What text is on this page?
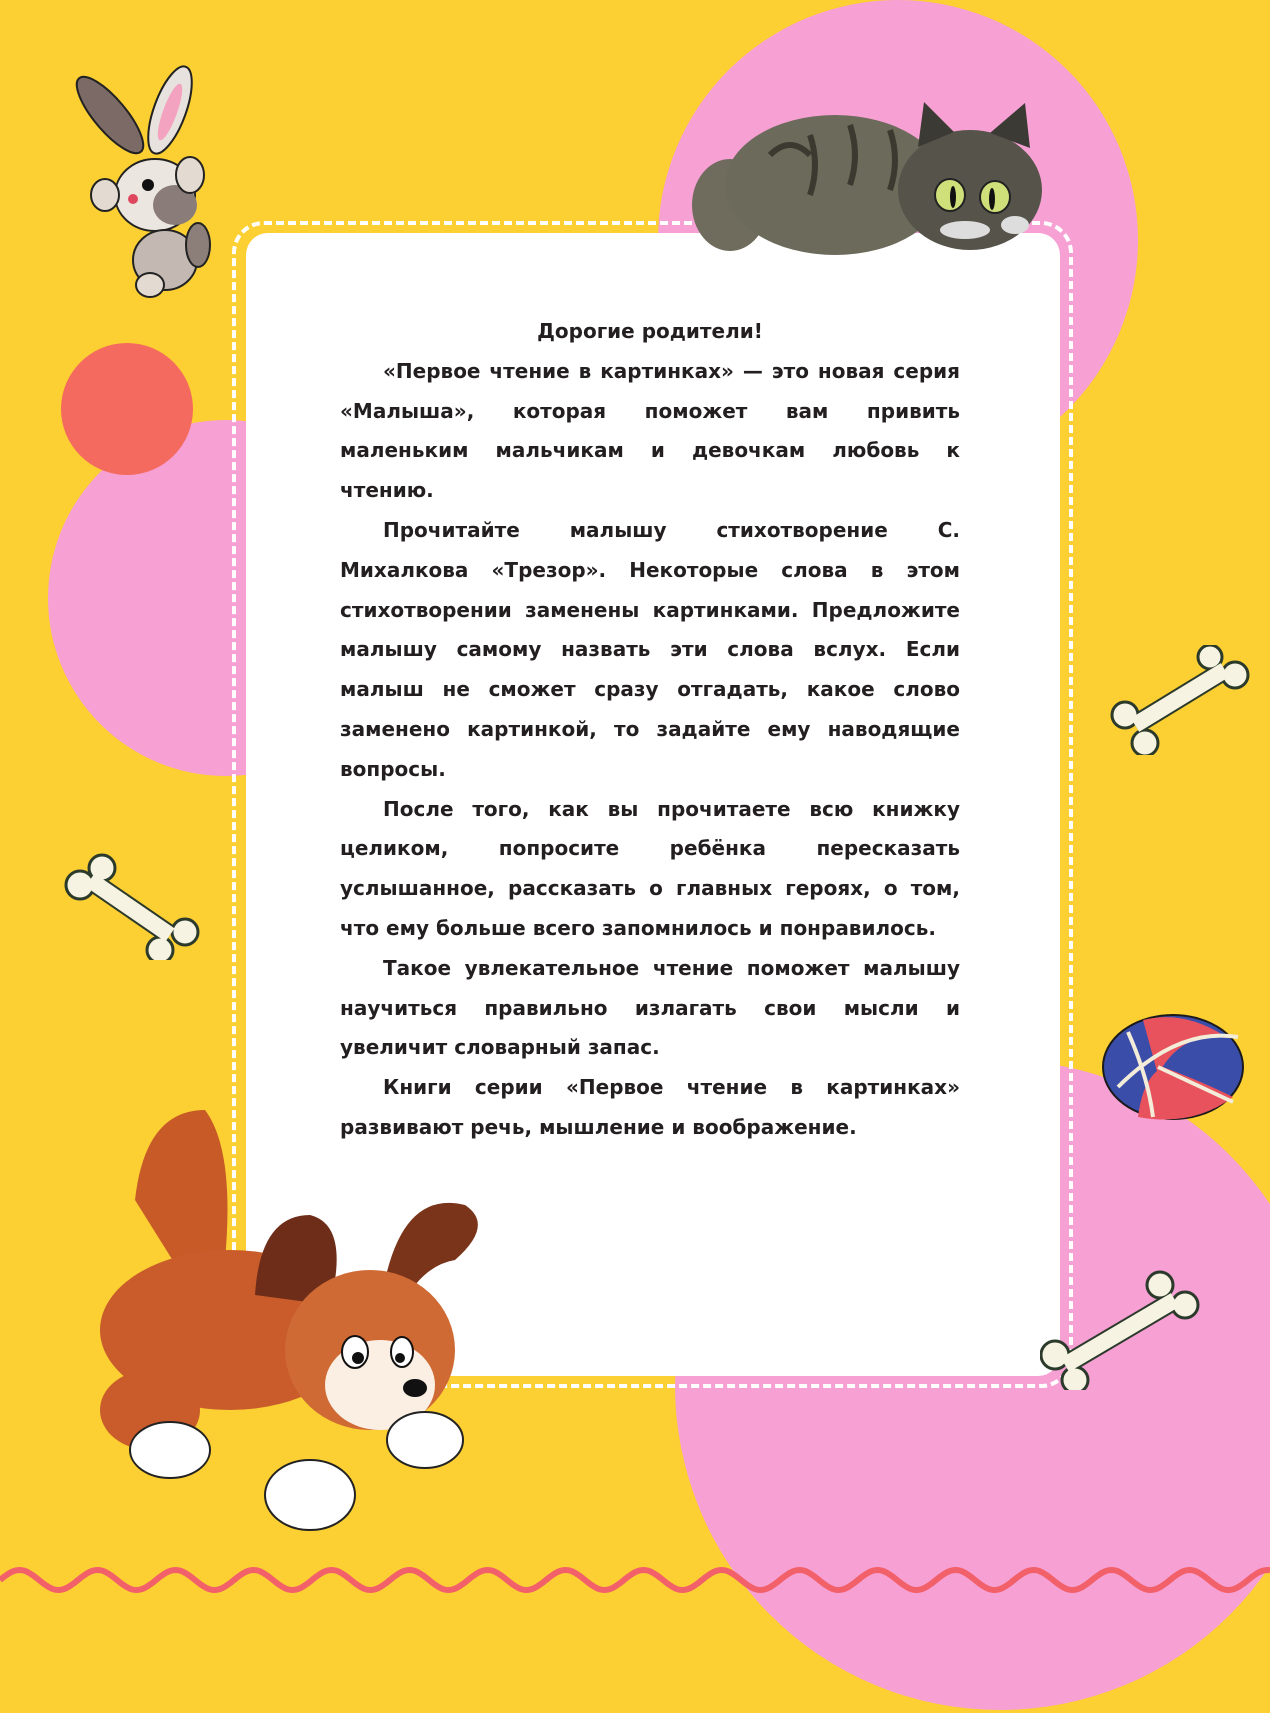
Дорогие родители!

«Первое чтение в картинках» — это новая серия «Малыша», которая поможет вам привить маленьким мальчикам и девочкам любовь к чтению.

Прочитайте малышу стихотворение С. Михалкова «Трезор». Некоторые слова в этом стихотворении заменены картинками. Предложите малышу самому назвать эти слова вслух. Если малыш не сможет сразу отгадать, какое слово заменено картинкой, то задайте ему наводящие вопросы.

После того, как вы прочитаете всю книжку целиком, попросите ребёнка пересказать услышанное, рассказать о главных героях, о том, что ему больше всего запомнилось и понравилось.

Такое увлекательное чтение поможет малышу научиться правильно излагать свои мысли и увеличит словарный запас.

Книги серии «Первое чтение в картинках» развивают речь, мышление и воображение.
